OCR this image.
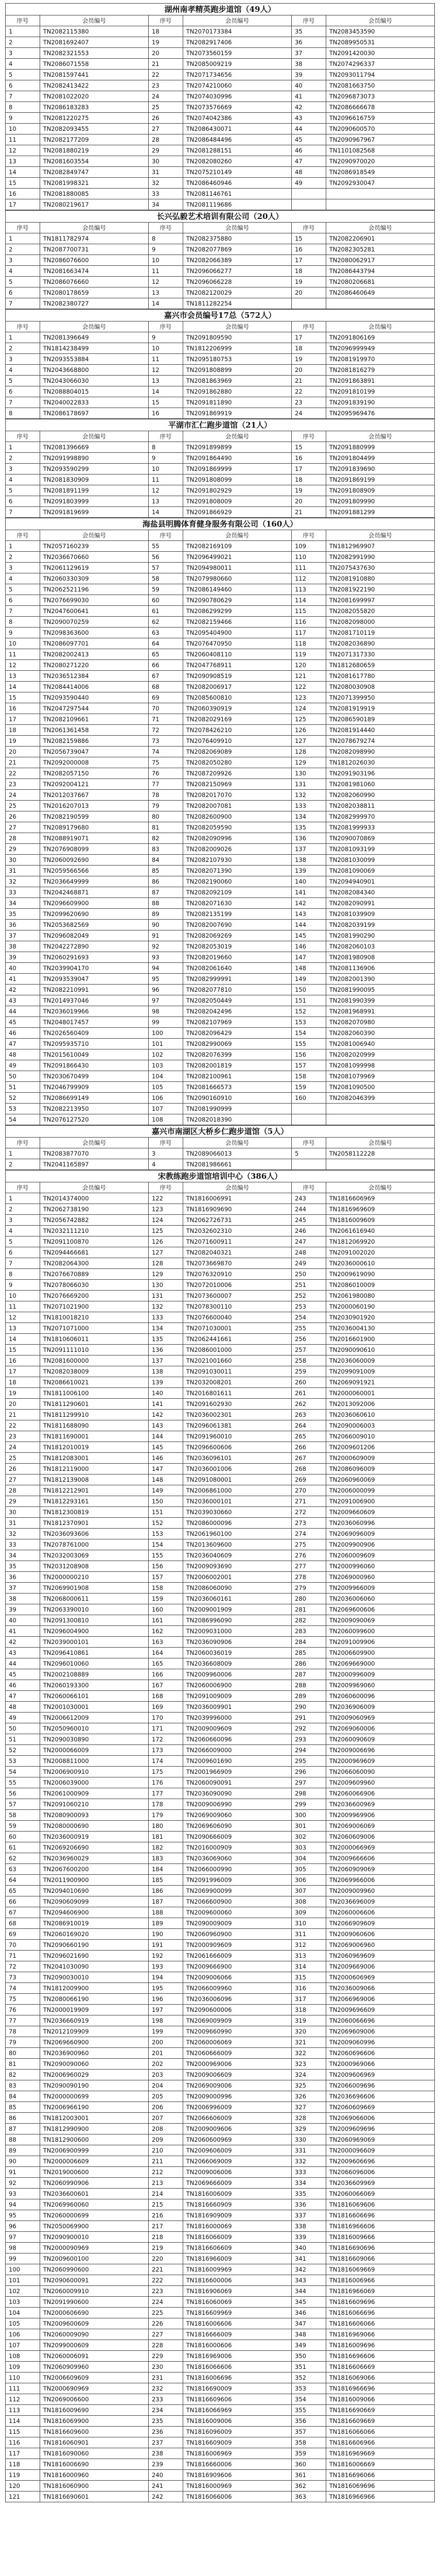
湖州南孝精英跑步道馆（49人）
序号	会员编号	序号	会员编号	序号	会员编号
1	TN2082115380	18	TN2070173384	35	TN2083453590
2	TN2081692407	19	TN2082917406	36	TN2089950531
3	TN2082321553	20	TN2073560159	37	TN2091420030
4	TN2086071558	21	TN2085009219	38	TN2074296337
5	TN2081597441	22	TN2071734656	39	TN2093011794
6	TN2082413422	23	TN2074210060	40	TN2081663750
7	TN2081022020	24	TN2074030996	41	TN2096873073
8	TN2086183283	25	TN2073576669	42	TN2086666678
9	TN2081220275	26	TN2074042386	43	TN2096616759
10	TN2082093455	27	TN2086430071	44	TN2090600570
11	TN2082177209	28	TN2086484496	45	TN2090967967
12	TN2081880219	29	TN2081288151	46	TN1101082568
13	TN2081603554	30	TN2082080260	47	TN2090970020
14	TN2082849747	31	TN2075210149	48	TN2086918549
15	TN2081998321	32	TN2086460946	49	TN2092930047
16	TN2081880085	33	TN2081146761		
17	TN2080219617	34	TN2081119686		
长兴弘毅艺术培训有限公司（20人）
序号	会员编号	序号	会员编号	序号	会员编号
1	TN1811782974	8	TN2082375880	15	TN2082206901
2	TN2087700731	9	TN2082077869	16	TN2082305281
3	TN2086076600	10	TN2082066389	17	TN2080062917
4	TN2081663474	11	TN2096066277	18	TN2086443794
5	TN2086076660	12	TN2096066228	19	TN2080206681
6	TN2080178659	13	TN2082120029	20	TN2086460649
7	TN2082380727	14	TN1811282254		
嘉兴市会员编号17总（572人）
序号	会员编号	序号	会员编号	序号	会员编号
1	TN2081396649	9	TN2091809590	17	TN2091806169
2	TN1814238499	10	TN1812206999	18	TN2096999949
3	TN2093553884	11	TN2095180753	19	TN2081919970
4	TN2043668800	12	TN2091808899	20	TN2081816279
5	TN2043066030	13	TN2081863969	21	TN2091863891
6	TN2088804015	14	TN2091862880	22	TN2091810199
7	TN2040022833	15	TN2091811890	23	TN2091839190
8	TN2086178697	16	TN2091869919	24	TN2095969476
平湖市汇仁跑步道馆（21人）
序号	会员编号	序号	会员编号	序号	会员编号
1	TN2081396669	8	TN2091899899	15	TN2091880999
2	TN2091998890	9	TN2091864490	16	TN2091804499
3	TN2093590299	10	TN2091869999	17	TN2091839690
4	TN2081830909	11	TN2091808099	18	TN2091869199
5	TN2081891199	12	TN2091802929	19	TN2091808909
6	TN2091803999	13	TN2091808009	20	TN2091809990
7	TN2091819699	14	TN2091866929	21	TN2091881299
海盐县明腾体育健身服务有限公司（160人）
序号	会员编号	序号	会员编号	序号	会员编号
1	TN2057160239	55	TN2082169109	109	TN1812969907
2	TN2036670660	56	TN2096499021	110	TN2082991990
3	TN2061129619	57	TN2094980011	111	TN2075437630
4	TN2060330309	58	TN2079980660	112	TN2081910880
5	TN2062521196	59	TN2086149460	113	TN2081922190
6	TN2076699030	60	TN2090780629	114	TN2081699997
7	TN2047600641	61	TN2086299299	115	TN2082055820
8	TN2090070259	62	TN2082159466	116	TN2082098000
9	TN2098363600	63	TN2095404900	117	TN2081710119
10	TN2086097701	64	TN2076470950	118	TN2082036890
11	TN2082002413	65	TN2060408110	119	TN2071317330
12	TN2080271220	66	TN2047768911	120	TN1812680659
13	TN2036512384	67	TN2090908519	121	TN2081617780
14	TN2084414006	68	TN2082006917	122	TN2080030908
15	TN2093590440	69	TN2085600810	123	TN2071399950
16	TN2047297544	70	TN2060390919	124	TN2081919919
17	TN2082109661	71	TN2082029169	125	TN2086590189
18	TN2061361458	72	TN2078426210	126	TN2081914440
19	TN2082159886	73	TN2076409910	127	TN2078679274
20	TN2056739047	74	TN2082069089	128	TN2082098990
21	TN2092000008	75	TN2082050280	129	TN1812026030
22	TN2082057150	76	TN2087209926	130	TN2091903196
23	TN2092004121	77	TN2082150969	131	TN2081981060
24	TN2012037667	78	TN2082017070	132	TN2082060990
25	TN2016207013	79	TN2082007081	133	TN2082038811
26	TN2082190599	80	TN2082600900	134	TN2082999970
27	TN2089179680	81	TN2082059590	135	TN2081999933
28	TN2088919071	82	TN2082090996	136	TN2090070869
29	TN2076908099	83	TN2082009026	137	TN2081093199
30	TN2060092690	84	TN2082107930	138	TN2081030099
31	TN2059566566	85	TN2082071390	139	TN2081090069
32	TN2036649999	86	TN2082190060	140	TN2094940901
33	TN2042468871	87	TN2082092109	141	TN2082084340
34	TN2096609900	88	TN2082071630	142	TN2082090991
35	TN2099620690	89	TN2082135199	143	TN2081039909
36	TN2053682569	90	TN2082007690	144	TN2082039199
37	TN2096082049	91	TN2082069269	145	TN2081990290
38	TN2042272890	92	TN2082053019	146	TN2082060103
39	TN2060291693	93	TN2082019660	147	TN2081980908
40	TN2039904170	94	TN2082061640	148	TN2081136906
41	TN2093539047	95	TN2082999991	149	TN2082001390
42	TN2082210991	96	TN2082077810	150	TN2081990095
43	TN2014937046	97	TN2082050449	151	TN2081990399
44	TN2036019966	98	TN2082042496	152	TN2081968991
45	TN2048017457	99	TN2082107969	153	TN2082070980
46	TN2026560409	100	TN2082096429	154	TN2082060390
47	TN2095935710	101	TN2082990069	155	TN2081006940
48	TN2015610049	102	TN2082076399	156	TN2082020999
49	TN2091866430	103	TN2082001819	157	TN2081099998
50	TN2030670499	104	TN2082100961	158	TN2081079969
51	TN2046799909	105	TN2081666573	159	TN2081090500
52	TN2086699149	106	TN2090160910	160	TN2082046399
53	TN2082213950	107	TN2081990999		
54	TN2076127520	108	TN2082018390		
嘉兴市南湖区大桥乡仁跑步道馆（5人）
序号	会员编号	序号	会员编号	序号	会员编号
1	TN2083877070	3	TN2089066013	5	TN2058112228
2	TN2041165897	4	TN2081986661		
宋教练跑步道馆培训中心（386人）
序号	会员编号	序号	会员编号	序号	会员编号
1	TN2014374000	122	TN1816006991	243	TN1816606969
2	TN2062738190	123	TN1816909690	244	TN1816969609
3	TN2056742882	124	TN2062726731	245	TN1816009609
4	TN2032111210	125	TN2032602310	246	TN2061616940
5	TN2091100870	126	TN2071600911	247	TN1812069920
6	TN2094466681	127	TN2082040321	248	TN2091002020
7	TN2082064300	128	TN2073669870	249	TN2036000610
8	TN2076670889	129	TN2076320910	250	TN2009619090
9	TN2078066030	130	TN2072010006	251	TN2086010009
10	TN2076669200	131	TN2073600007	252	TN2061980080
11	TN2071021900	132	TN2078300110	253	TN2000060190
12	TN1810018210	133	TN2076600040	254	TN2030901920
13	TN2071071000	134	TN2071030001	255	TN2036004130
14	TN1810606011	135	TN2062441661	256	TN2016601900
15	TN2091111010	136	TN2086001000	257	TN2090090610
16	TN2081600000	137	TN2021001660	258	TN2036060009
17	TN2082038009	138	TN2091030011	259	TN2099091009
18	TN2086610021	139	TN2032008201	260	TN2069091921
19	TN1811006100	140	TN2016801611	261	TN2000060001
20	TN1811290601	141	TN2091602930	262	TN2013092006
21	TN1811299910	142	TN2036002301	263	TN2036060610
22	TN1811688090	143	TN2096061381	264	TN2090006003
23	TN1811690001	144	TN2091960010	265	TN2066009010
24	TN1812010019	145	TN2096600606	266	TN2009601206
25	TN1812083001	146	TN2036096101	267	TN2000609009
26	TN1812119000	147	TN2036001006	268	TN2086096009
27	TN1812139008	148	TN2091080001	269	TN2060960069
28	TN1812212901	149	TN2006861000	270	TN2006000099
29	TN1812293161	150	TN2036000101	271	TN2091006900
30	TN1812300819	151	TN2039030660	272	TN2009660609
31	TN1812370901	152	TN2086000096	273	TN2036060996
32	TN2036093606	153	TN2061960100	274	TN2069096009
33	TN2078761000	154	TN2013609600	275	TN2009900906
34	TN2032003069	155	TN2036040609	276	TN2060009609
35	TN2031208908	156	TN2009093690	277	TN2000996060
36	TN2000000210	157	TN2006002001	278	TN2069000960
37	TN2069901908	158	TN2086060090	279	TN2009966009
38	TN2068000611	159	TN2036060161	280	TN2036006060
39	TN2063390010	160	TN2009001909	281	TN2069600606
40	TN2091300810	161	TN2086996090	282	TN2009090069
41	TN2096004900	162	TN2009031000	283	TN2060099600
42	TN2039000101	163	TN2036090906	284	TN2091009906
43	TN2096410861	164	TN2060036019	285	TN2006609900
44	TN2096010060	165	TN2036608009	286	TN2069669000
45	TN2002108889	166	TN2009960006	287	TN2000996009
46	TN2060193300	167	TN2060006900	288	TN2009969060
47	TN2060066101	168	TN2091009009	289	TN2060600096
48	TN2001030001	169	TN2036009901	290	TN2036906009
49	TN2006612009	170	TN2039996000	291	TN2009060969
50	TN2050960010	171	TN2009009609	292	TN2069060006
51	TN2090030890	172	TN2060660096	293	TN2060090609
52	TN2000066009	173	TN2066009000	294	TN2009006696
53	TN2008811000	174	TN2009601690	295	TN2000969609
54	TN2006900910	175	TN2001966909	296	TN2066060090
55	TN2006039000	176	TN2060090091	297	TN2009609960
56	TN2061000909	177	TN2036090090	298	TN2060066906
57	TN2091060210	178	TN2009006990	299	TN2036600969
58	TN2080900093	179	TN2069009060	300	TN2009969906
59	TN2080000690	180	TN2069606090	301	TN2069006069
60	TN2036000919	181	TN2090666009	302	TN2060609006
61	TN2069206690	182	TN2016000909	303	TN2000066969
62	TN2036960029	183	TN2036069060	304	TN2009666606
63	TN2067600200	184	TN2066000990	305	TN2060909069
64	TN2011900900	185	TN2091996009	306	TN2069966006
65	TN2094010690	186	TN2069900099	307	TN2009009960
66	TN2090609099	187	TN2066600900	308	TN2036696009
67	TN2094606900	188	TN2009600060	309	TN2060006606
68	TN2086910019	189	TN2090009009	310	TN2066909609
69	TN2060169020	190	TN2060960900	311	TN2009060606
70	TN2090660190	191	TN2000909609	312	TN2069006960
71	TN2096021690	192	TN2061666009	313	TN2060969609
72	TN2041030090	193	TN2009666900	314	TN2009669006
73	TN2090030010	194	TN2009006066	315	TN2000606969
74	TN1812009900	195	TN2066009960	316	TN2036009066
75	TN2080066190	196	TN2036006096	317	TN2066969006
76	TN2000019909	197	TN2090600006	318	TN2009696609
77	TN2036660919	198	TN2069009909	319	TN2060066696
78	TN2012109909	199	TN2009660990	320	TN2069609006
79	TN2069660900	200	TN2060006069	321	TN2009060996
80	TN2036900960	201	TN2060666009	322	TN2060696606
81	TN2090090060	202	TN2000969006	323	TN2000969066
82	TN2006960029	203	TN2009006609	324	TN2009606969
83	TN2090090190	204	TN2069009006	325	TN2066009696
84	TN2000000699	205	TN2009000996	326	TN2036696606
85	TN2006966190	206	TN2006996009	327	TN2060609669
86	TN1812003001	207	TN2066606009	328	TN2069066006
87	TN1812990900	208	TN2009009606	329	TN2009609696
88	TN1812900600	209	TN2060600969	330	TN2060969069
89	TN2006900999	210	TN2009606009	331	TN2000096609
90	TN2000006609	211	TN2066069009	332	TN2009606696
91	TN2019000600	212	TN2009006006	333	TN2066096006
92	TN2060990906	213	TN2069666009	334	TN2036609969
93	TN2036600601	214	TN1816006009	335	TN2060066069
94	TN2069960060	215	TN1816660909	336	TN1816069606
95	TN2060000699	216	TN1816909009	337	TN1816606696
96	TN2050069900	217	TN1816000069	338	TN1816966606
97	TN2090900010	218	TN1816066009	339	TN1816009666
98	TN2000090969	219	TN1816606609	340	TN1816690696
99	TN2009600100	220	TN1816966009	341	TN1816609066
100	TN2060990600	221	TN1816009969	342	TN1816069669
101	TN2090600091	222	TN1816600006	343	TN1816006966
102	TN2060009910	223	TN1816906069	344	TN1816966069
103	TN2091990600	224	TN1816060069	345	TN1816609696
104	TN2000606690	225	TN1816609969	346	TN1816066696
105	TN2009600609	226	TN1816006606	347	TN1816606066
106	TN2060009090	227	TN1816666009	348	TN1816969066
107	TN2099000609	228	TN1816000606	349	TN1816009696
108	TN2060006091	229	TN1816969006	350	TN1816696606
109	TN2060909960	230	TN1816066606	351	TN1816606669
110	TN2006609609	231	TN1816006696	352	TN1816069066
111	TN2000690969	232	TN1816690009	353	TN1816966696
112	TN2069006600	233	TN1816609606	354	TN1816009066
113	TN1816009690	234	TN1816066969	355	TN1816690669
114	TN1816069900	235	TN1816009006	356	TN1816609669
115	TN1816609600	236	TN1816096009	357	TN1816066066
116	TN1816060901	237	TN1816609009	358	TN1816606966
117	TN1816090060	238	TN1816006969	359	TN1816969669
118	TN1816006690	239	TN1816660006	360	TN1816006669
119	TN1816000960	240	TN1816909606	361	TN1816696066
120	TN1816060900	241	TN1816000969	362	TN1816069696
121	TN1816690601	242	TN1816066006	363	TN1816966966
